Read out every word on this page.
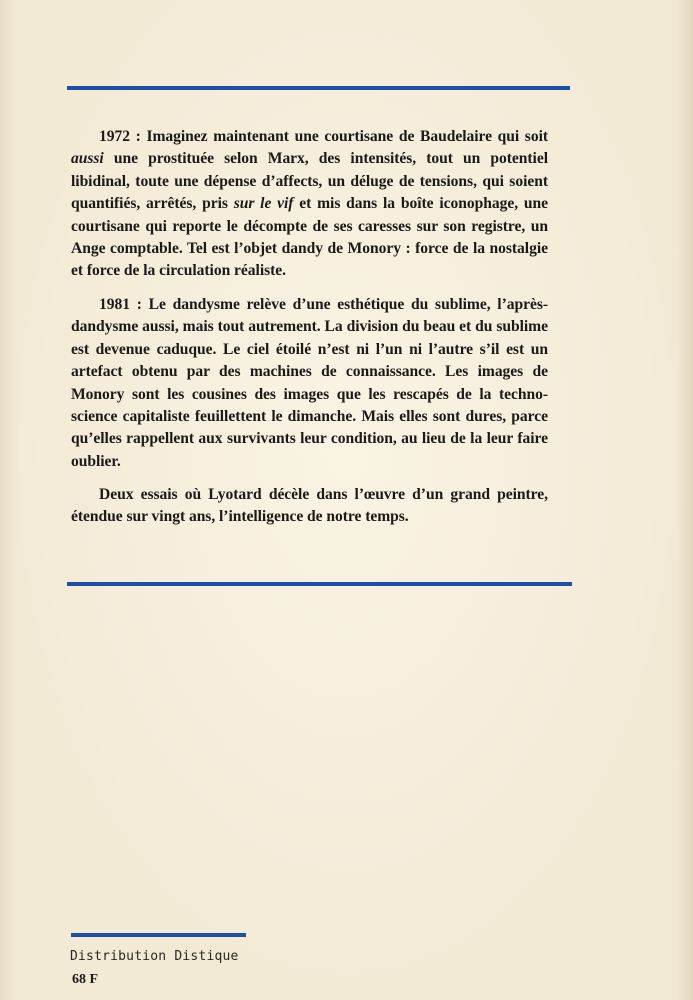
1972 : Imaginez maintenant une courtisane de Baudelaire qui soit aussi une prostituée selon Marx, des intensités, tout un potentiel libidinal, toute une dépense d’affects, un déluge de tensions, qui soient quantifiés, arrêtés, pris sur le vif et mis dans la boîte iconophage, une courtisane qui reporte le décompte de ses caresses sur son registre, un Ange comptable. Tel est l’objet dandy de Monory : force de la nostalgie et force de la circulation réaliste.

1981 : Le dandysme relève d’une esthétique du sublime, l’après-dandysme aussi, mais tout autrement. La division du beau et du sublime est devenue caduque. Le ciel étoilé n’est ni l’un ni l’autre s’il est un artefact obtenu par des machines de connaissance. Les images de Monory sont les cousines des images que les rescapés de la techno-science capitaliste feuillettent le dimanche. Mais elles sont dures, parce qu’elles rappellent aux survivants leur condition, au lieu de la leur faire oublier.

Deux essais où Lyotard décèle dans l’œuvre d’un grand peintre, étendue sur vingt ans, l’intelligence de notre temps.

Distribution Distique
68 F
